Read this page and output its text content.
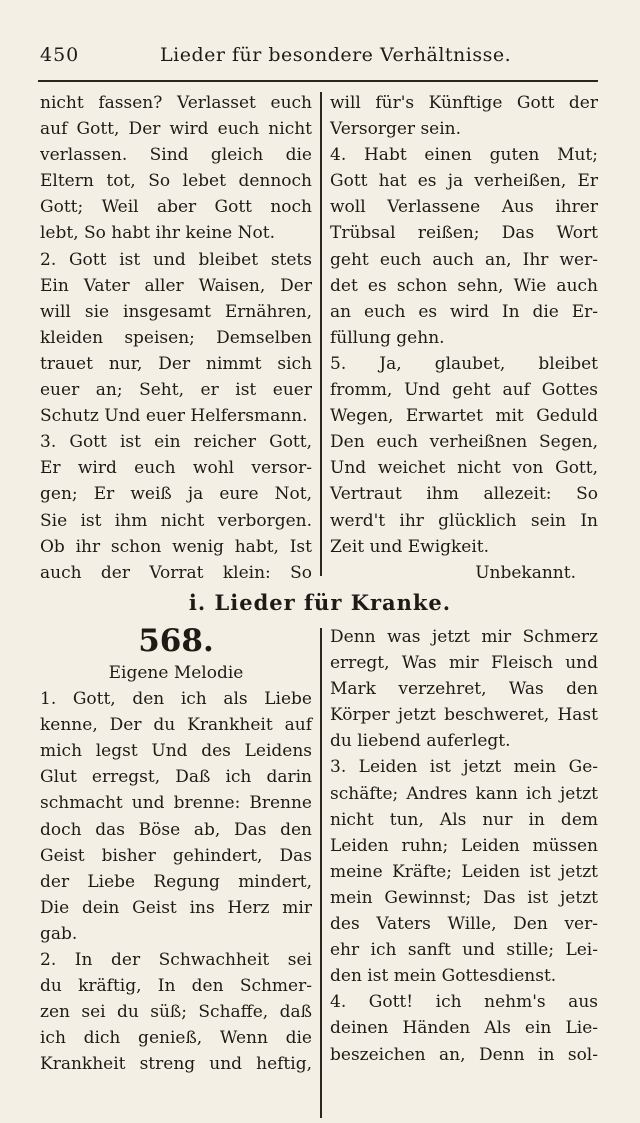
450	Lieder für besondere Verhältnisse.
nicht fassen? Verlasset euch
auf Gott, Der wird euch nicht
verlassen. Sind gleich die
Eltern tot, So lebet dennoch
Gott; Weil aber Gott noch
lebt, So habt ihr keine Not.
2. Gott ist und bleibet stets
Ein Vater aller Waisen, Der
will sie insgesamt Ernähren,
kleiden speisen; Demselben
trauet nur, Der nimmt sich
euer an; Seht, er ist euer
Schutz Und euer Helfersmann.
3. Gott ist ein reicher Gott,
Er wird euch wohl versor-
gen; Er weiß ja eure Not,
Sie ist ihm nicht verborgen.
Ob ihr schon wenig habt, Ist
auch der Vorrat klein: So
will für's Künftige Gott der
Versorger sein.
4. Habt einen guten Mut;
Gott hat es ja verheißen, Er
woll Verlassene Aus ihrer
Trübsal reißen; Das Wort
geht euch auch an, Ihr wer-
det es schon sehn, Wie auch
an euch es wird In die Er-
füllung gehn.
5. Ja, glaubet, bleibet
fromm, Und geht auf Gottes
Wegen, Erwartet mit Geduld
Den euch verheißnen Segen,
Und weichet nicht von Gott,
Vertraut ihm allezeit: So
werd't ihr glücklich sein In
Zeit und Ewigkeit.
Unbekannt.
i. Lieder für Kranke.
568.
Eigene Melodie
1. Gott, den ich als Liebe
kenne, Der du Krankheit auf
mich legst Und des Leidens
Glut erregst, Daß ich darin
schmacht und brenne: Brenne
doch das Böse ab, Das den
Geist bisher gehindert, Das
der Liebe Regung mindert,
Die dein Geist ins Herz mir
gab.
2. In der Schwachheit sei
du kräftig, In den Schmer-
zen sei du süß; Schaffe, daß
ich dich genieß, Wenn die
Krankheit streng und heftig,
Denn was jetzt mir Schmerz
erregt, Was mir Fleisch und
Mark verzehret, Was den
Körper jetzt beschweret, Hast
du liebend auferlegt.
3. Leiden ist jetzt mein Ge-
schäfte; Andres kann ich jetzt
nicht tun, Als nur in dem
Leiden ruhn; Leiden müssen
meine Kräfte; Leiden ist jetzt
mein Gewinnst; Das ist jetzt
des Vaters Wille, Den ver-
ehr ich sanft und stille; Lei-
den ist mein Gottesdienst.
4. Gott! ich nehm's aus
deinen Händen Als ein Lie-
beszeichen an, Denn in sol-
